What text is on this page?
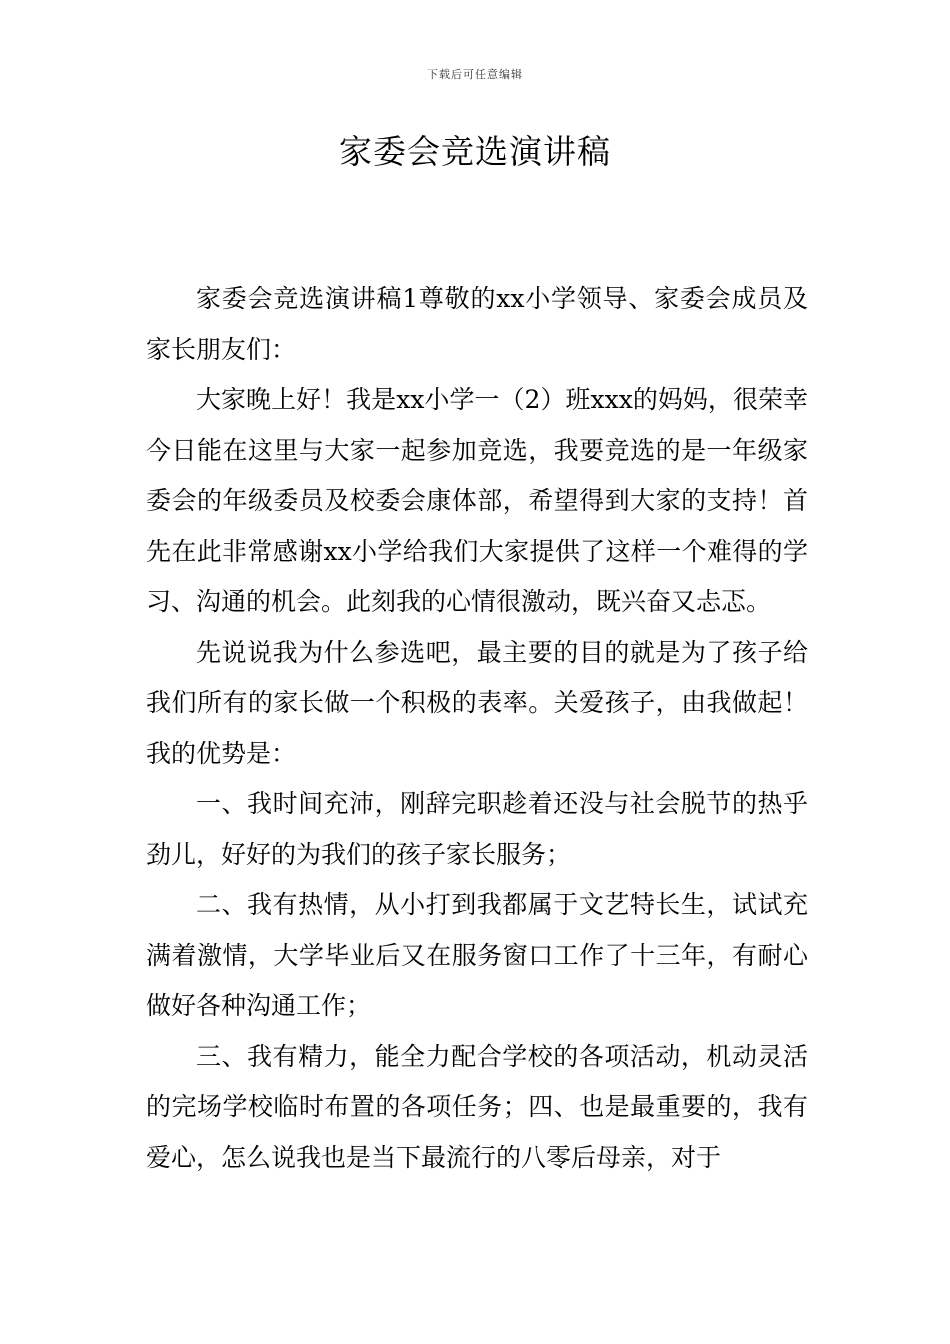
下载后可任意编辑
家委会竞选演讲稿

家委会竞选演讲稿1尊敬的xx小学领导、家委会成员及家长朋友们：

大家晚上好！我是xx小学一（2）班xxx的妈妈，很荣幸今日能在这里与大家一起参加竞选，我要竞选的是一年级家委会的年级委员及校委会康体部，希望得到大家的支持！首先在此非常感谢xx小学给我们大家提供了这样一个难得的学习、沟通的机会。此刻我的心情很激动，既兴奋又忐忑。

先说说我为什么参选吧，最主要的目的就是为了孩子给我们所有的家长做一个积极的表率。关爱孩子，由我做起！我的优势是：

一、我时间充沛，刚辞完职趁着还没与社会脱节的热乎劲儿，好好的为我们的孩子家长服务；

二、我有热情，从小打到我都属于文艺特长生，试试充满着激情，大学毕业后又在服务窗口工作了十三年，有耐心做好各种沟通工作；

三、我有精力，能全力配合学校的各项活动，机动灵活的完场学校临时布置的各项任务；四、也是最重要的，我有爱心，怎么说我也是当下最流行的八零后母亲，对于
